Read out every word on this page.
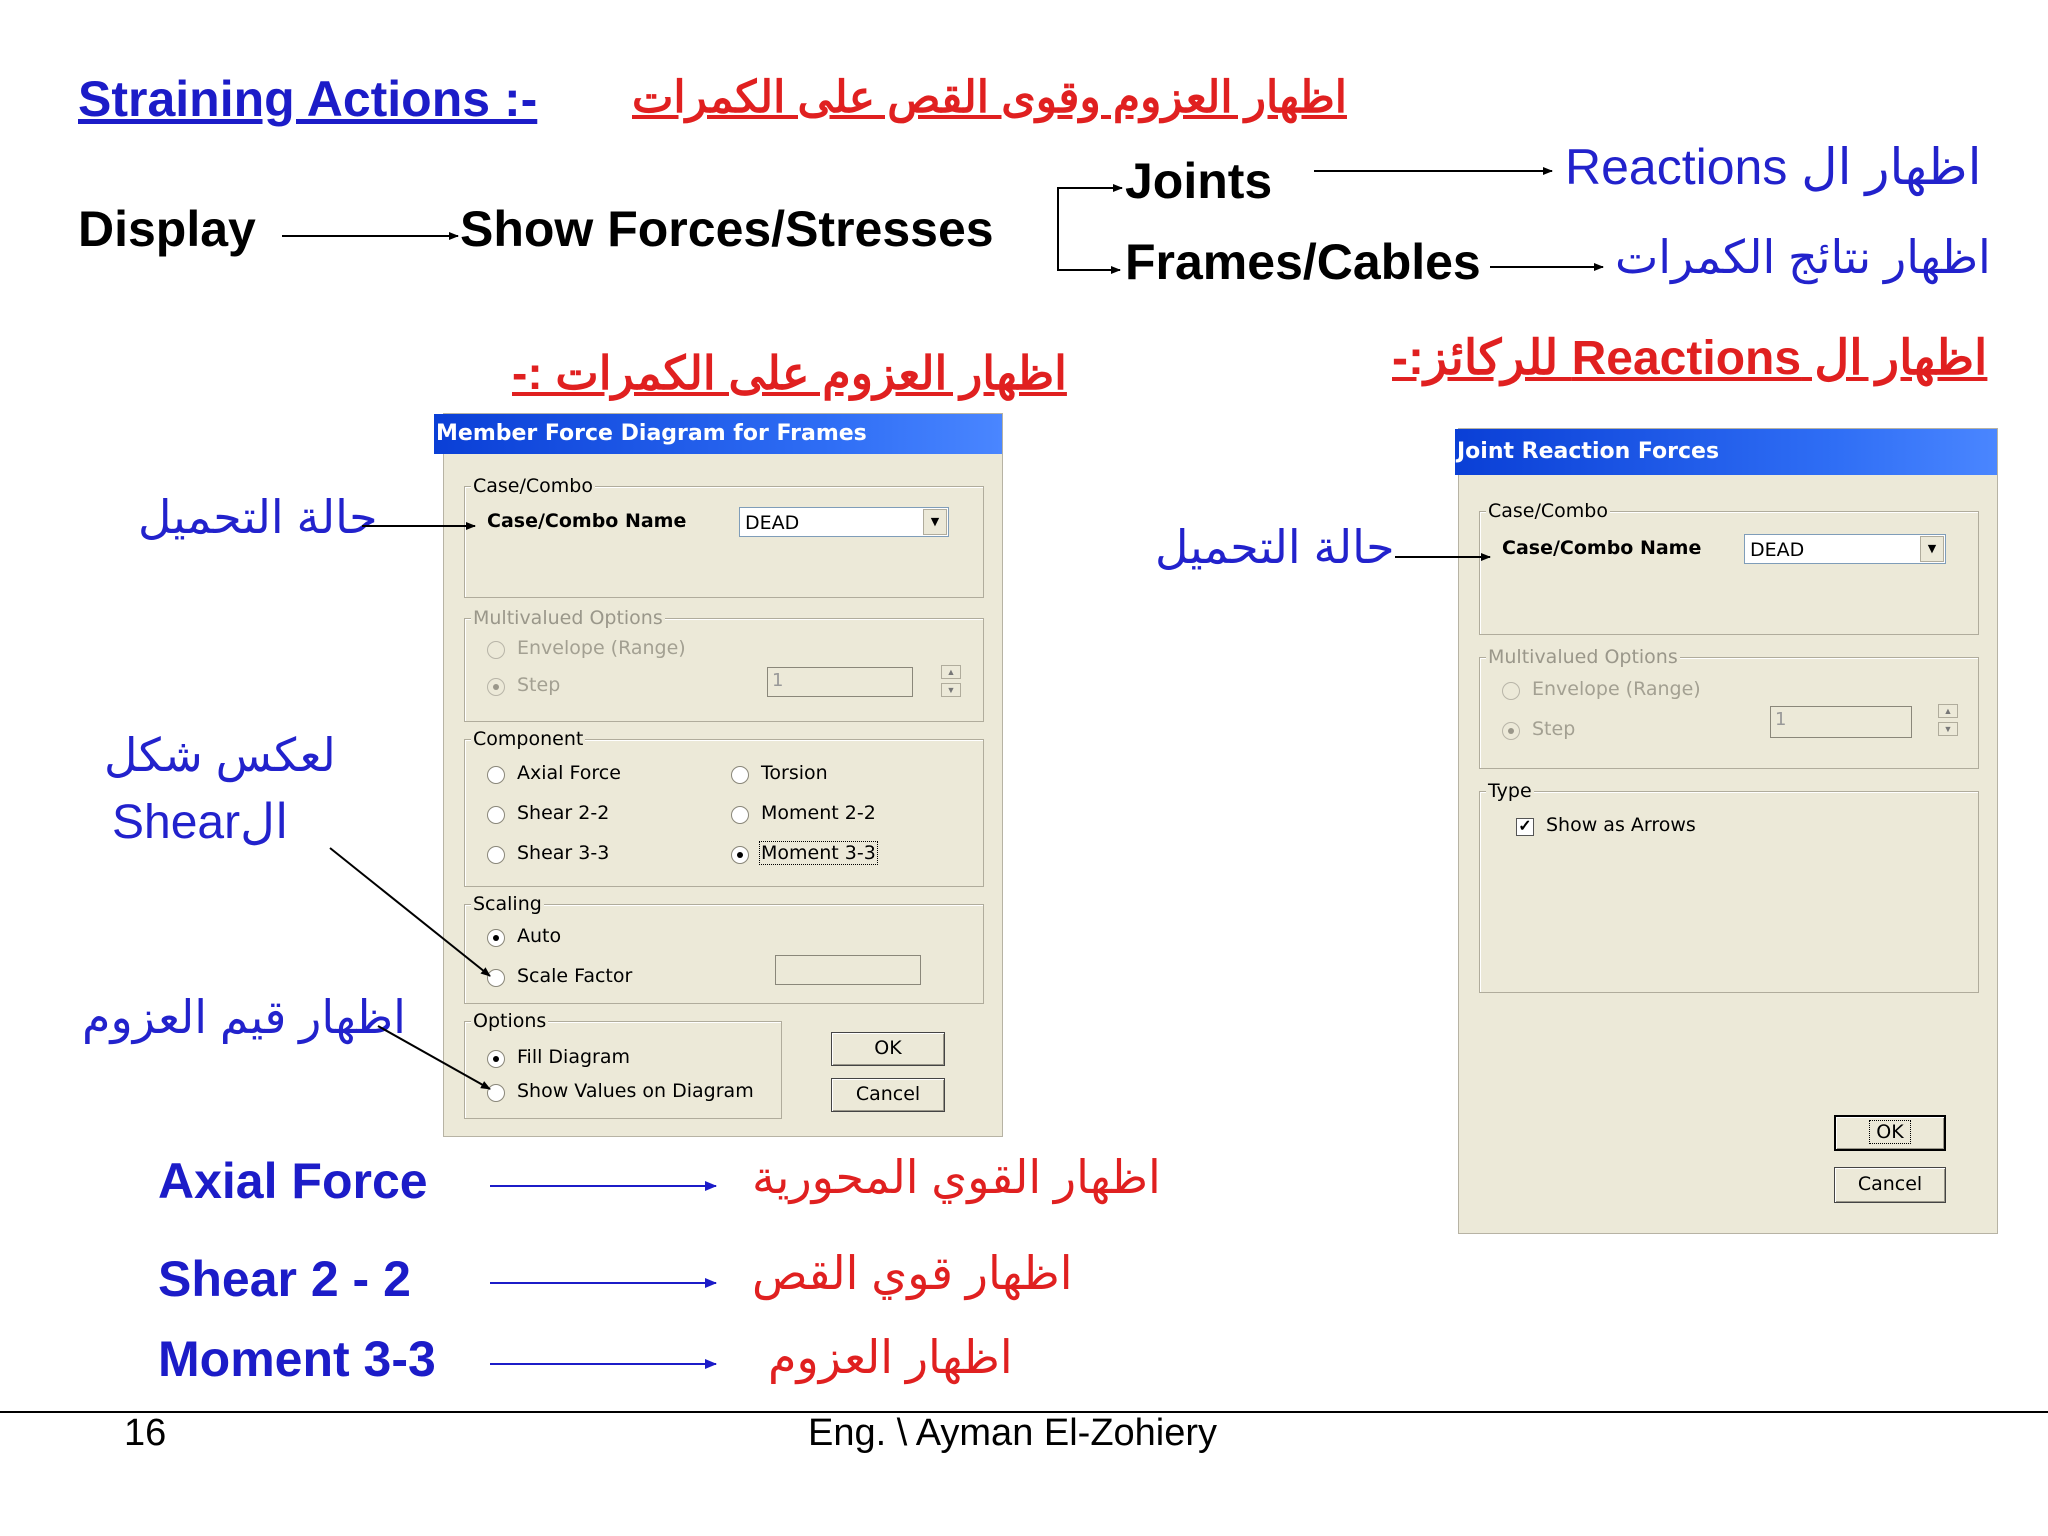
Straining Actions :- اظهار العزوم وقوى القص على الكمرات
Display	Show Forces/Stresses
Joints
Frames/Cables
اظهار ال Reactions
اظهار نتائج الكمرات
اظهار العزوم على الكمرات :-	اظهار ال Reactions للركائز:-
حالة التحميل
حالة التحميل
لعكس شكل
الShear
اظهار قيم العزوم
Member Force Diagram for Frames
Case/Combo
Case/Combo Name	DEAD	▼
Multivalued Options
Envelope (Range)
Step	1	▲
▼
Component
Axial Force	Torsion
Shear 2-2	Moment 2-2
Shear 3-3	Moment 3-3
Scaling
Auto
Scale Factor
Options
Fill Diagram
Show Values on Diagram
OK
Cancel
Joint Reaction Forces
Case/Combo
Case/Combo Name	DEAD	▼
Multivalued Options
Envelope (Range)
Step	1	▲
▼
Type
✓ Show as Arrows
OK
Cancel
Axial Force	اظهار القوي المحورية
Shear 2 - 2	اظهار قوي القص
Moment 3-3	اظهار العزوم
16	Eng. \ Ayman El-Zohiery
